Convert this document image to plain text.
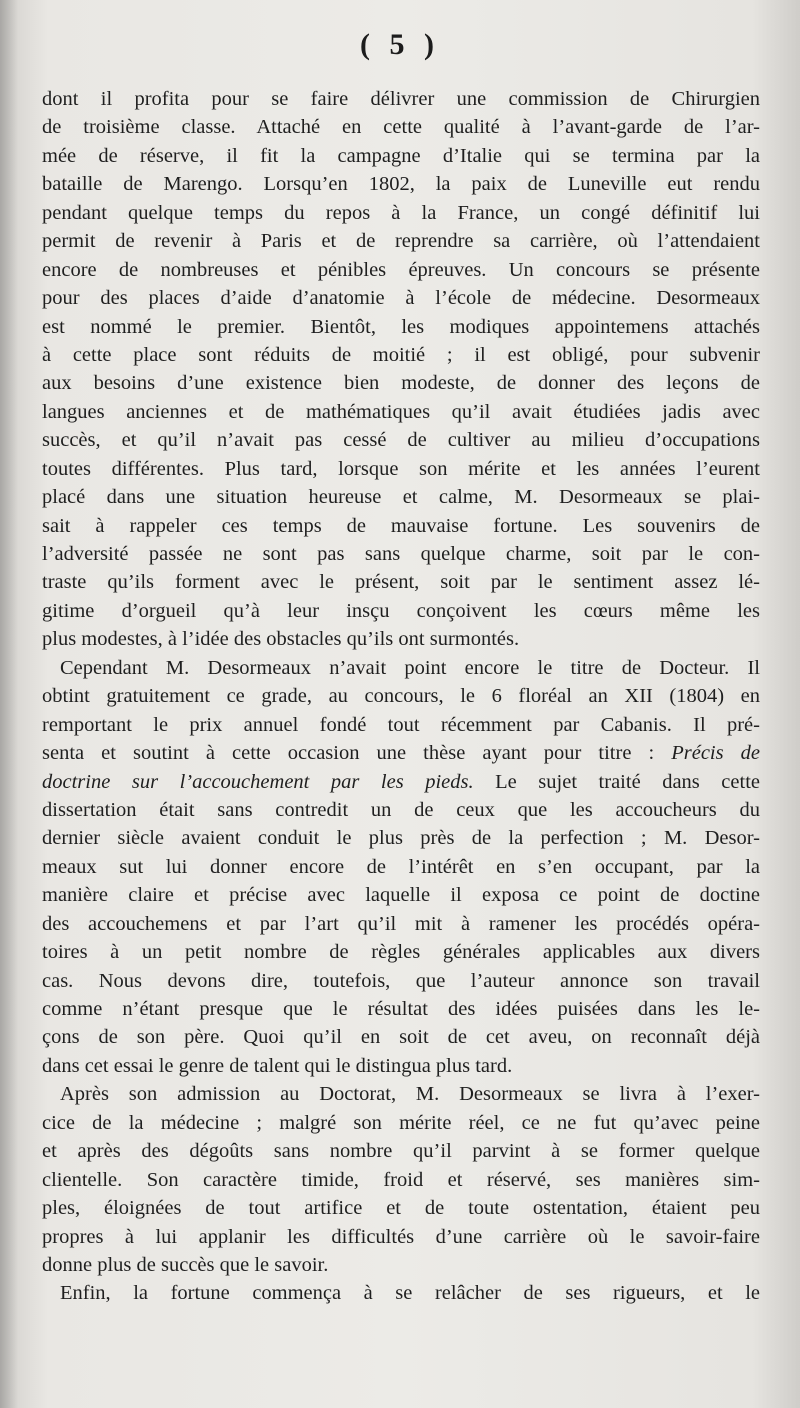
( 5 )
dont il profita pour se faire délivrer une commission de Chirurgien
de troisième classe. Attaché en cette qualité à l’avant-garde de l’ar-
mée de réserve, il fit la campagne d’Italie qui se termina par la
bataille de Marengo. Lorsqu’en 1802, la paix de Luneville eut rendu
pendant quelque temps du repos à la France, un congé définitif lui
permit de revenir à Paris et de reprendre sa carrière, où l’attendaient
encore de nombreuses et pénibles épreuves. Un concours se présente
pour des places d’aide d’anatomie à l’école de médecine. Desormeaux
est nommé le premier. Bientôt, les modiques appointemens attachés
à cette place sont réduits de moitié ; il est obligé, pour subvenir
aux besoins d’une existence bien modeste, de donner des leçons de
langues anciennes et de mathématiques qu’il avait étudiées jadis avec
succès, et qu’il n’avait pas cessé de cultiver au milieu d’occupations
toutes différentes. Plus tard, lorsque son mérite et les années l’eurent
placé dans une situation heureuse et calme, M. Desormeaux se plai-
sait à rappeler ces temps de mauvaise fortune. Les souvenirs de
l’adversité passée ne sont pas sans quelque charme, soit par le con-
traste qu’ils forment avec le présent, soit par le sentiment assez lé-
gitime d’orgueil qu’à leur insçu conçoivent les cœurs même les
plus modestes, à l’idée des obstacles qu’ils ont surmontés.
Cependant M. Desormeaux n’avait point encore le titre de Docteur. Il
obtint gratuitement ce grade, au concours, le 6 floréal an XII (1804) en
remportant le prix annuel fondé tout récemment par Cabanis. Il pré-
senta et soutint à cette occasion une thèse ayant pour titre : Précis de
doctrine sur l’accouchement par les pieds. Le sujet traité dans cette
dissertation était sans contredit un de ceux que les accoucheurs du
dernier siècle avaient conduit le plus près de la perfection ; M. Desor-
meaux sut lui donner encore de l’intérêt en s’en occupant, par la
manière claire et précise avec laquelle il exposa ce point de doctine
des accouchemens et par l’art qu’il mit à ramener les procédés opéra-
toires à un petit nombre de règles générales applicables aux divers
cas. Nous devons dire, toutefois, que l’auteur annonce son travail
comme n’étant presque que le résultat des idées puisées dans les le-
çons de son père. Quoi qu’il en soit de cet aveu, on reconnaît déjà
dans cet essai le genre de talent qui le distingua plus tard.
Après son admission au Doctorat, M. Desormeaux se livra à l’exer-
cice de la médecine ; malgré son mérite réel, ce ne fut qu’avec peine
et après des dégoûts sans nombre qu’il parvint à se former quelque
clientelle. Son caractère timide, froid et réservé, ses manières sim-
ples, éloignées de tout artifice et de toute ostentation, étaient peu
propres à lui applanir les difficultés d’une carrière où le savoir-faire
donne plus de succès que le savoir.
Enfin, la fortune commença à se relâcher de ses rigueurs, et le
